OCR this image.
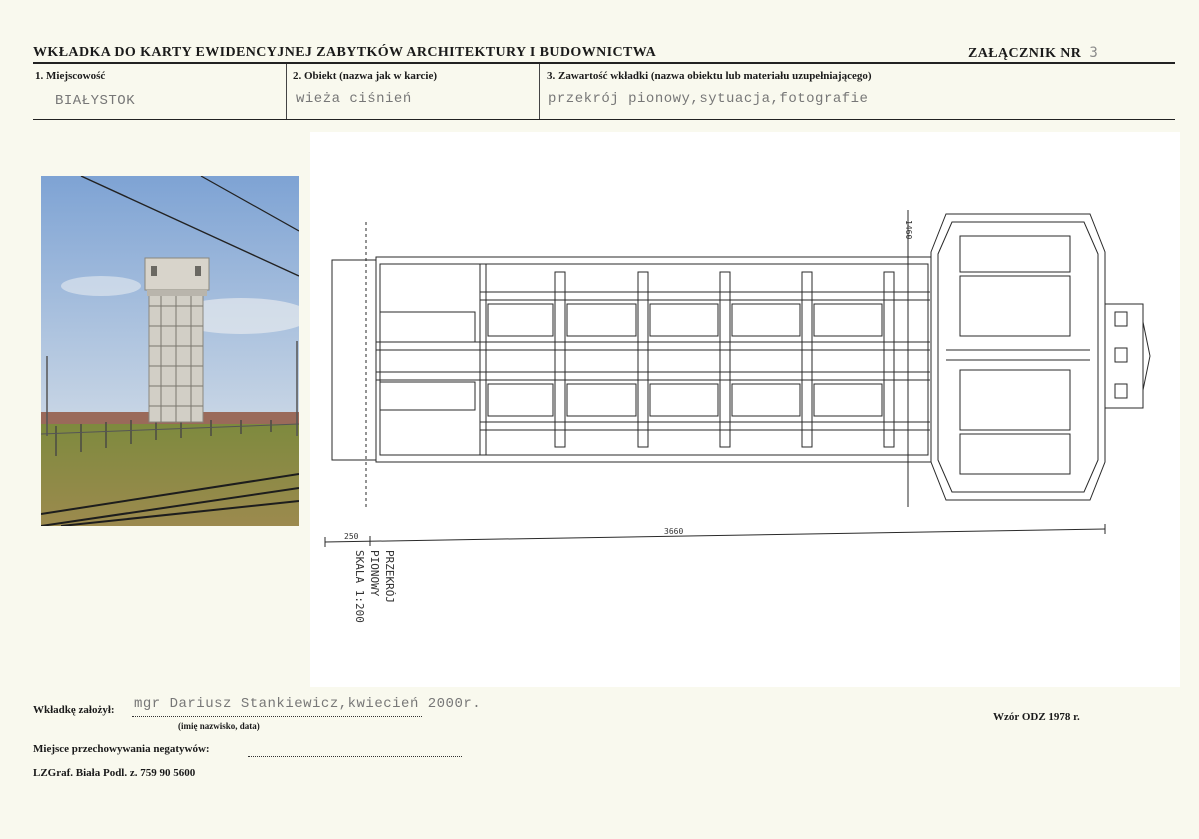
WKŁADKA DO KARTY EWIDENCYJNEJ ZABYTKÓW ARCHITEKTURY I BUDOWNICTWA	ZAŁĄCZNIK NR 3
1. Miejscowość
BIAŁYSTOK
2. Obiekt (nazwa jak w karcie)
wieża ciśnień
3. Zawartość wkładki (nazwa obiektu lub materiału uzupełniającego)
przekrój pionowy,sytuacja,fotografie
250
3660
1460
PRZEKRÓJ
PIONOWY
SKALA 1:200
Wkładkę założył: mgr Dariusz Stankiewicz,kwiecień 2000r.
(imię nazwisko, data)
Wzór ODZ 1978 r.
Miejsce przechowywania negatywów:
LZGraf. Biała Podl. z. 759 90 5600
